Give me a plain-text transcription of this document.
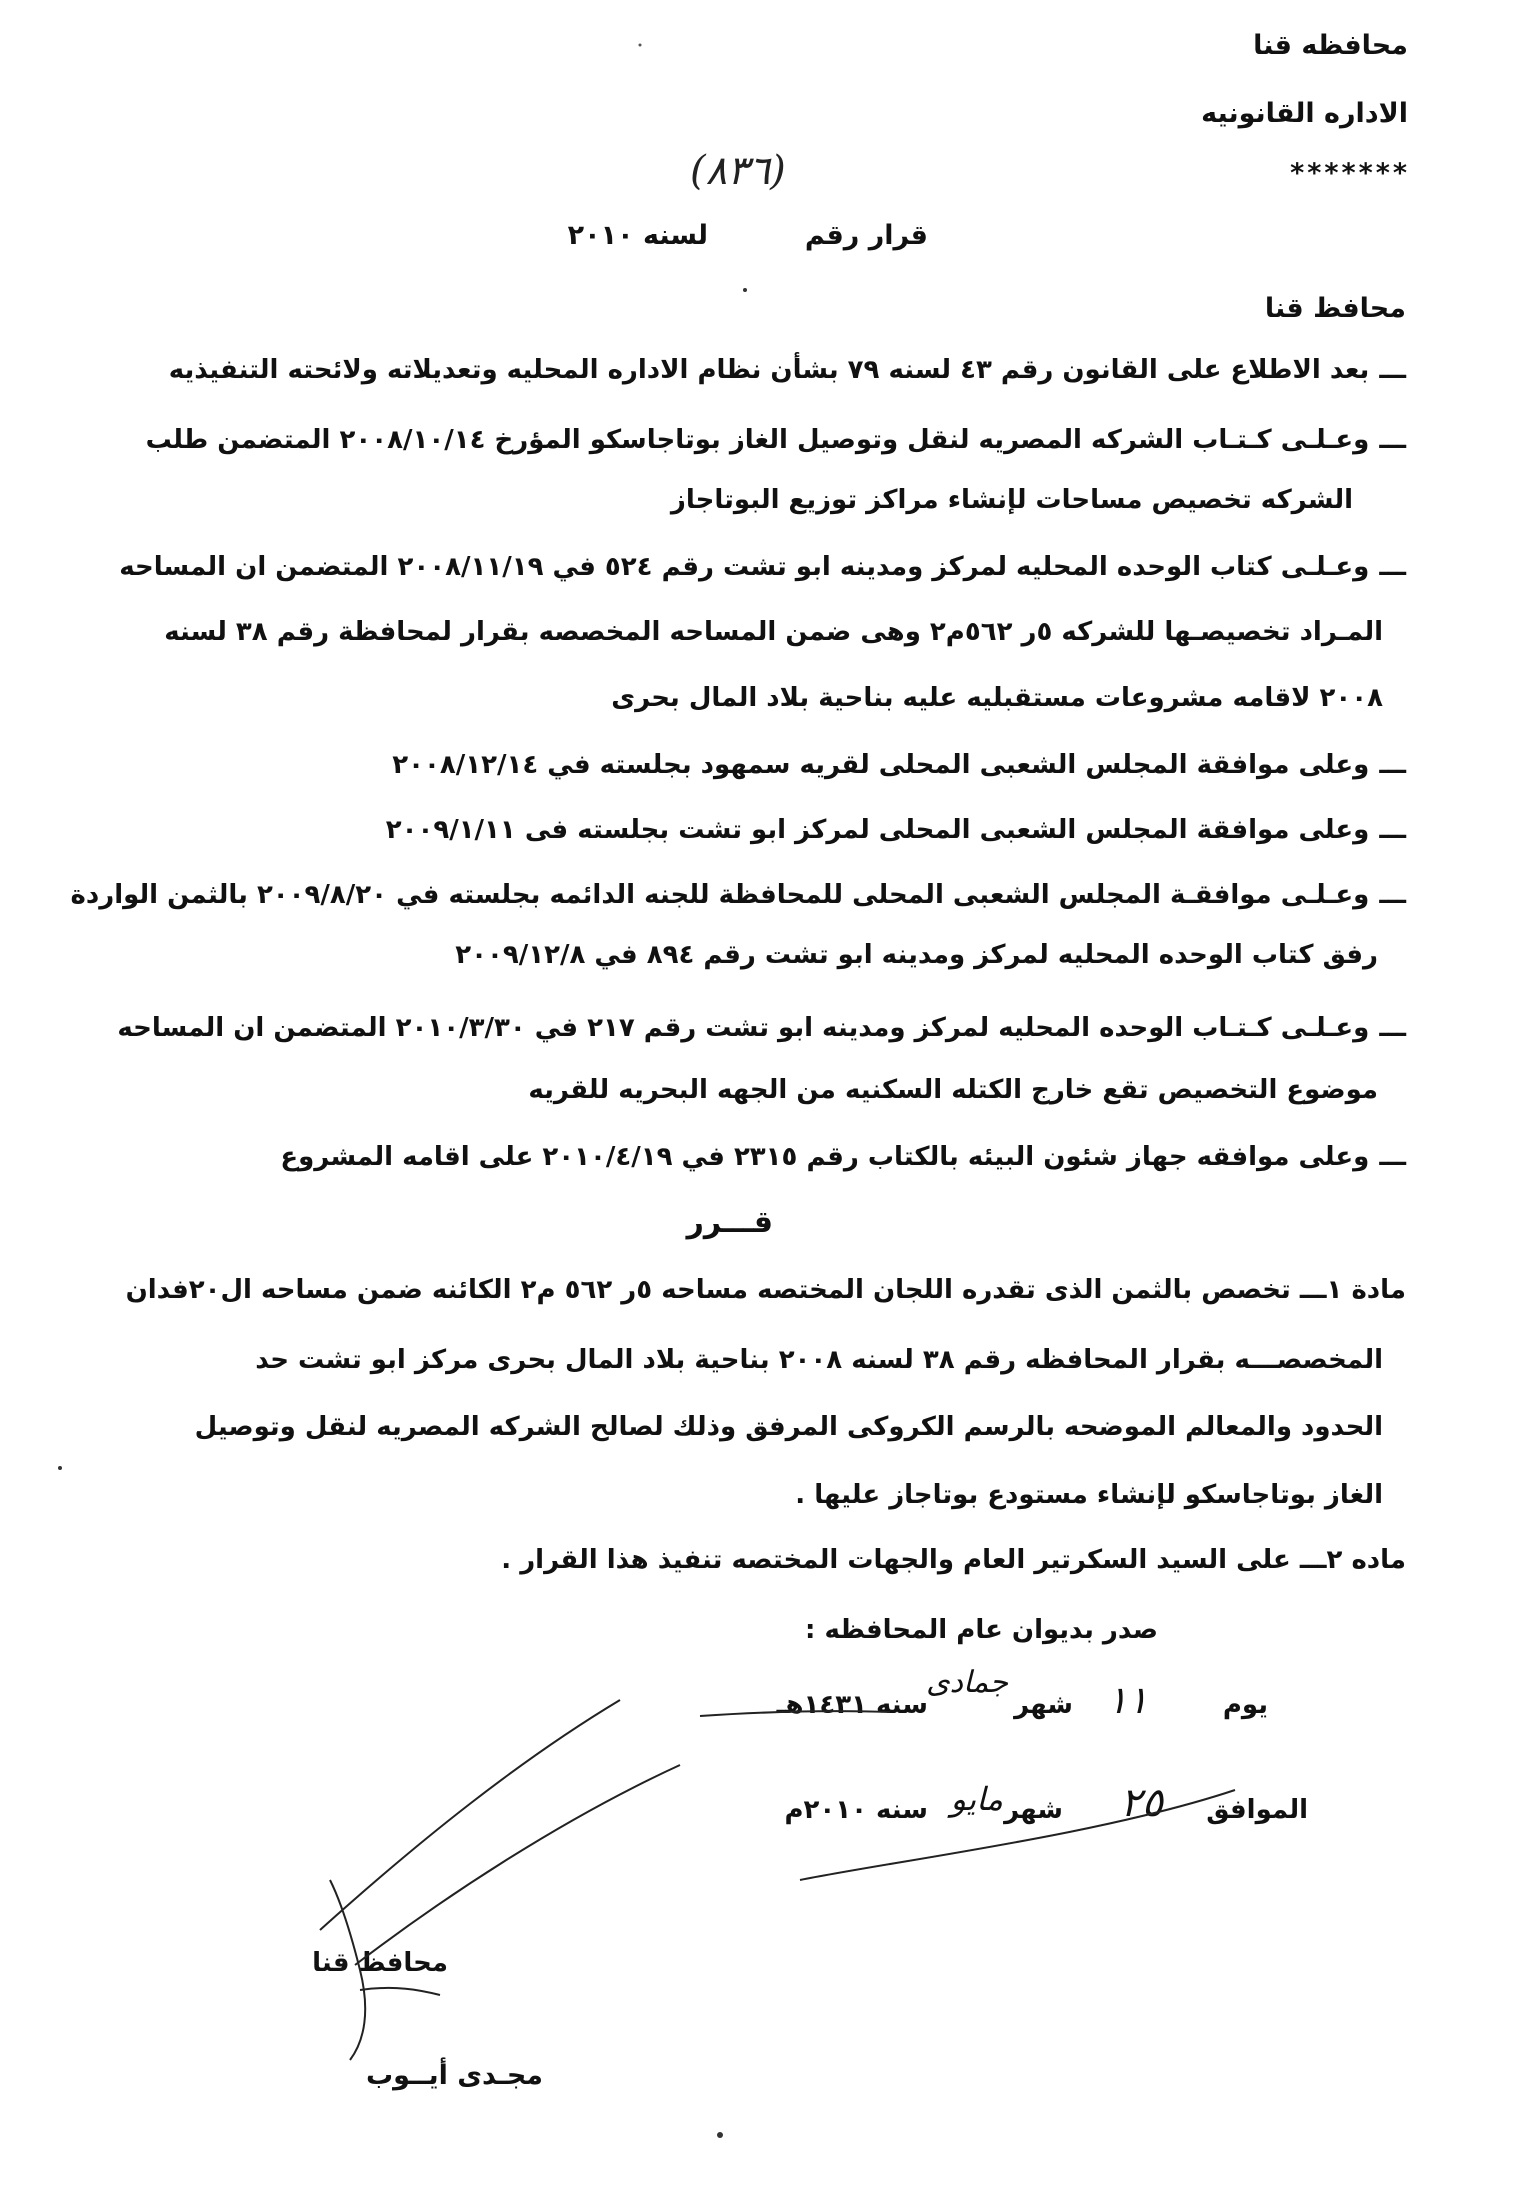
محافظه قنا
الاداره القانونيه
*******
(٨٣٦)
قرار رقم
لسنه ٢٠١٠
محافظ قنا
ـــبعد الاطلاع على القانون رقم ٤٣ لسنه ٧٩ بشأن نظام الاداره المحليه وتعديلاته ولائحته التنفيذيه
ـــوعـلـى كـتـاب الشركه المصريه لنقل وتوصيل الغاز بوتاجاسكو المؤرخ ٢٠٠٨/١٠/١٤ المتضمن طلب
الشركه تخصيص مساحات لإنشاء مراكز توزيع البوتاجاز
ـــوعـلـى كتاب الوحده المحليه لمركز ومدينه ابو تشت رقم ٥٢٤ في ٢٠٠٨/١١/١٩ المتضمن ان المساحه
المـراد تخصيصـها للشركه ٥ر ٥٦٢م٢ وهى ضمن المساحه المخصصه بقرار لمحافظة رقم ٣٨ لسنه
٢٠٠٨ لاقامه مشروعات مستقبليه عليه بناحية بلاد المال بحرى
ـــوعلى موافقة المجلس الشعبى المحلى لقريه سمهود بجلسته في ٢٠٠٨/١٢/١٤
ـــوعلى موافقة المجلس الشعبى المحلى لمركز ابو تشت بجلسته فى ٢٠٠٩/١/١١
ـــوعـلـى موافقـة المجلس الشعبى المحلى للمحافظة للجنه الدائمه بجلسته في ٢٠٠٩/٨/٢٠ بالثمن الواردة
رفق كتاب الوحده المحليه لمركز ومدينه ابو تشت رقم ٨٩٤ في ٢٠٠٩/١٢/٨
ـــوعـلـى كـتـاب الوحده المحليه لمركز ومدينه ابو تشت رقم ٢١٧ في ٢٠١٠/٣/٣٠ المتضمن ان المساحه
موضوع التخصيص تقع خارج الكتله السكنيه من الجهه البحريه للقريه
ـــوعلى موافقه جهاز شئون البيئه بالكتاب رقم ٢٣١٥ في ٢٠١٠/٤/١٩ على اقامه المشروع
قـــرر
مادة ١ـــ تخصص بالثمن الذى تقدره اللجان المختصه مساحه ٥ر ٥٦٢ م٢ الكائنه ضمن مساحه ال٢٠فدان
المخصصـــه بقرار المحافظه رقم ٣٨ لسنه ٢٠٠٨ بناحية بلاد المال بحرى مركز ابو تشت حد
الحدود والمعالم الموضحه بالرسم الكروكى المرفق وذلك لصالح الشركه المصريه لنقل وتوصيل
الغاز بوتاجاسكو لإنشاء مستودع بوتاجاز عليها .
ماده ٢ـــ على السيد السكرتير العام والجهات المختصه تنفيذ هذا القرار .
صدر بديوان عام المحافظه :
يوم
١١
شهر
جمادى
سنه ١٤٣١هـ
الموافق
٢٥
شهر
مايو
سنه ٢٠١٠م
محافظ قنا
مجـدى أيــوب
